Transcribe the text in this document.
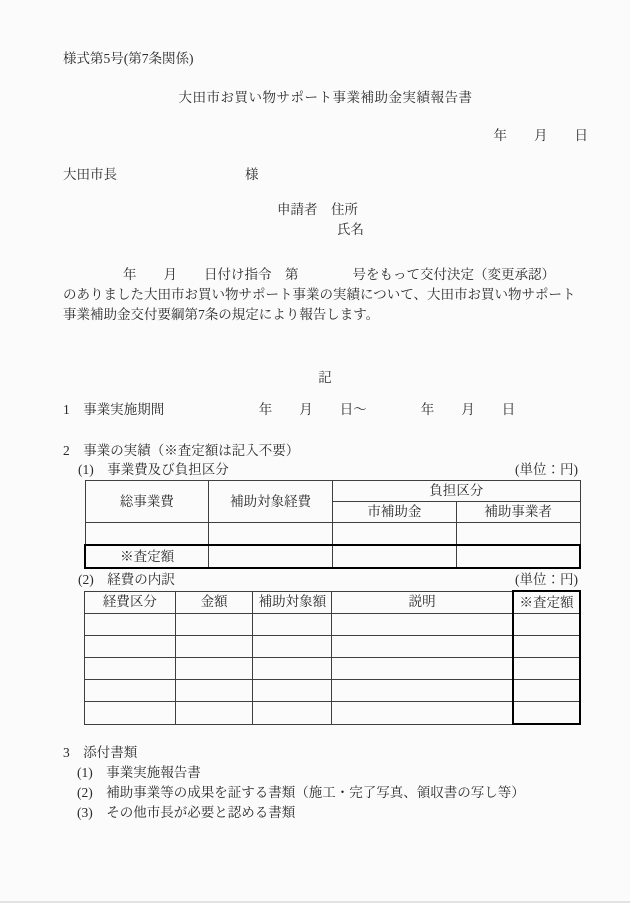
様式第5号(第7条関係)
大田市お買い物サポート事業補助金実績報告書
年　　月　　日
大田市長	様
申請者　住所
氏名
年　　月　　日付け指令　第　　　　号をもって交付決定（変更承認）
のありました大田市お買い物サポート事業の実績について、大田市お買い物サポート
事業補助金交付要綱第7条の規定により報告します。
記
1　事業実施期間　　　　　　　年　　月　　日～　　　　年　　月　　日
2　事業の実績（※査定額は記入不要）
(1)　事業費及び負担区分	(単位：円)
総事業費	補助対象経費	負担区分	
		市補助金	補助事業者

※査定額			
(2)　経費の内訳	(単位：円)
経費区分	金額	補助対象額	説明	※査定額

3　添付書類
(1)　事業実施報告書
(2)　補助事業等の成果を証する書類（施工・完了写真、領収書の写し等）
(3)　その他市長が必要と認める書類
